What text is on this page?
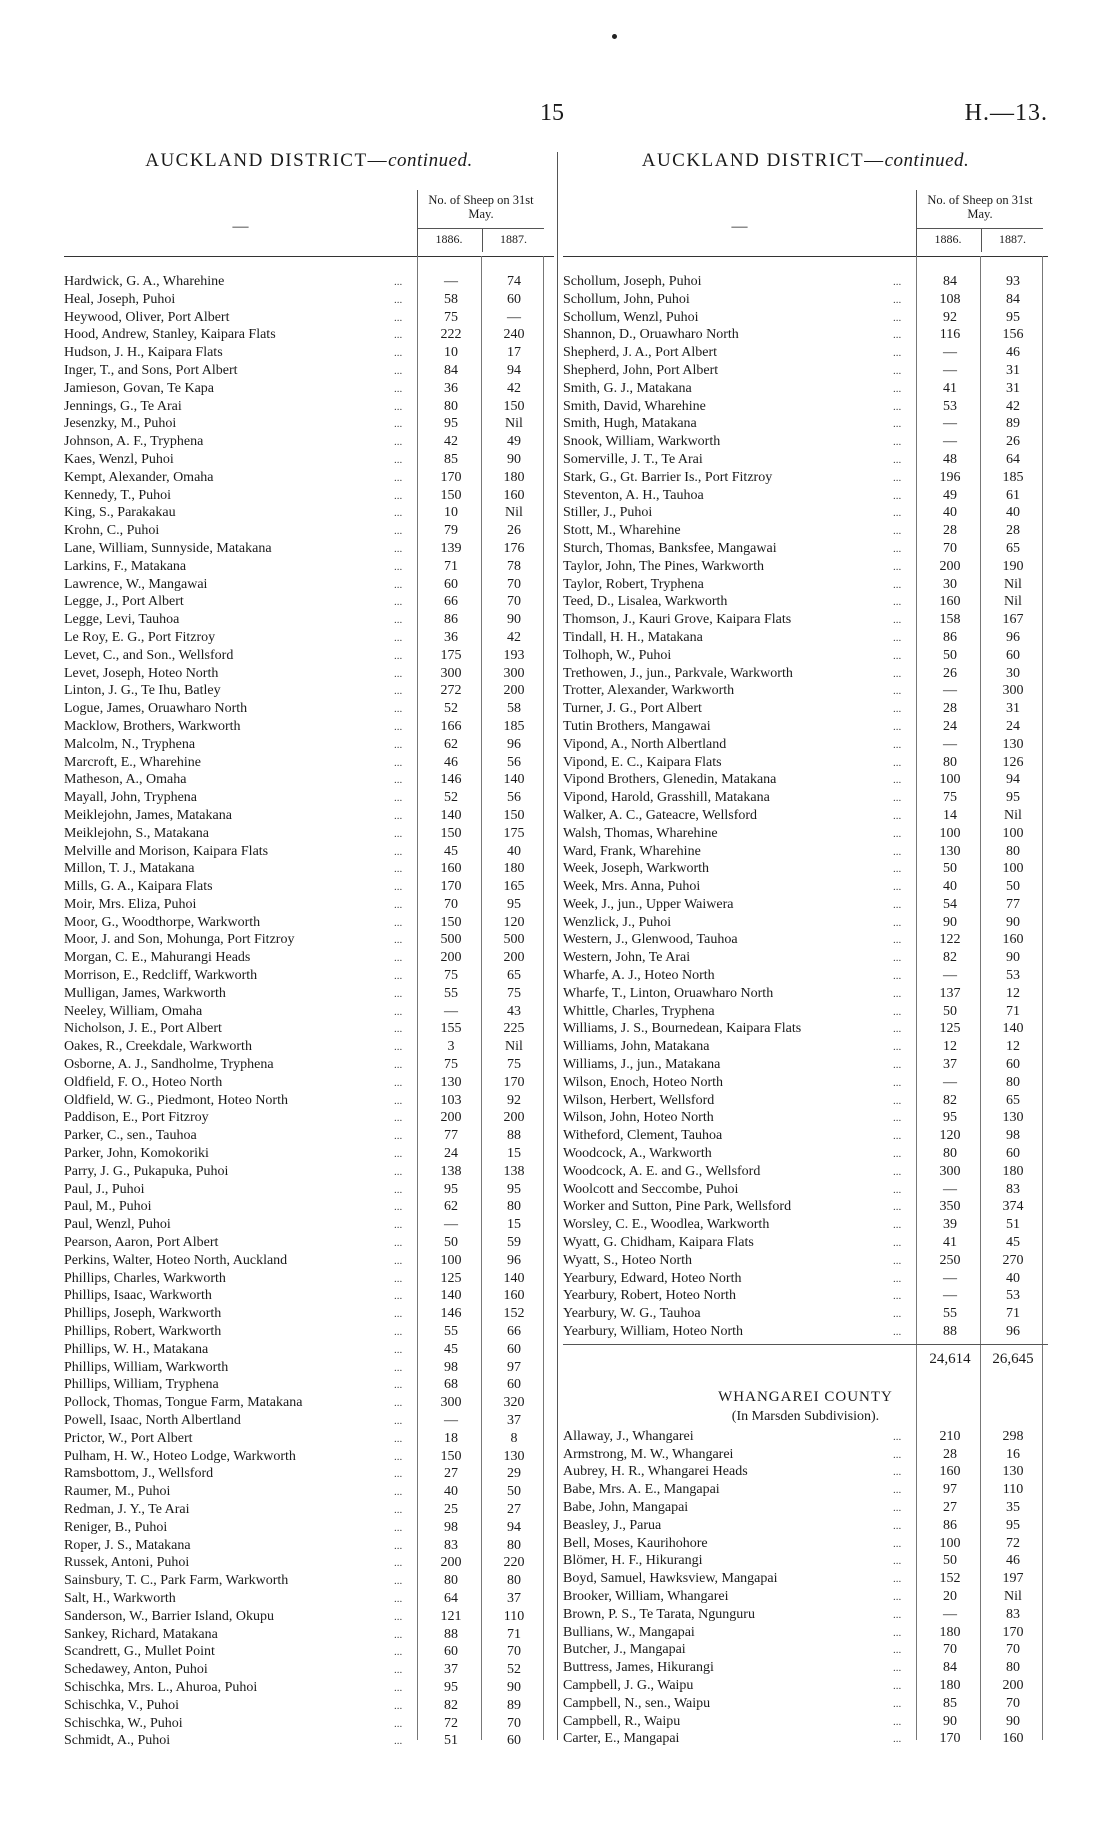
15	H.—13.
AUCKLAND DISTRICT—continued.
—
No. of Sheep on 31st May.
1886.	1887.
Hardwick, G. A., Wharehine	...	—	74
Heal, Joseph, Puhoi	...	58	60
Heywood, Oliver, Port Albert	...	75	—
Hood, Andrew, Stanley, Kaipara Flats	...	222	240
Hudson, J. H., Kaipara Flats	...	10	17
Inger, T., and Sons, Port Albert	...	84	94
Jamieson, Govan, Te Kapa	...	36	42
Jennings, G., Te Arai	...	80	150
Jesenzky, M., Puhoi	...	95	Nil
Johnson, A. F., Tryphena	...	42	49
Kaes, Wenzl, Puhoi	...	85	90
Kempt, Alexander, Omaha	...	170	180
Kennedy, T., Puhoi	...	150	160
King, S., Parakakau	...	10	Nil
Krohn, C., Puhoi	...	79	26
Lane, William, Sunnyside, Matakana	...	139	176
Larkins, F., Matakana	...	71	78
Lawrence, W., Mangawai	...	60	70
Legge, J., Port Albert	...	66	70
Legge, Levi, Tauhoa	...	86	90
Le Roy, E. G., Port Fitzroy	...	36	42
Levet, C., and Son., Wellsford	...	175	193
Levet, Joseph, Hoteo North	...	300	300
Linton, J. G., Te Ihu, Batley	...	272	200
Logue, James, Oruawharo North	...	52	58
Macklow, Brothers, Warkworth	...	166	185
Malcolm, N., Tryphena	...	62	96
Marcroft, E., Wharehine	...	46	56
Matheson, A., Omaha	...	146	140
Mayall, John, Tryphena	...	52	56
Meiklejohn, James, Matakana	...	140	150
Meiklejohn, S., Matakana	...	150	175
Melville and Morison, Kaipara Flats	...	45	40
Millon, T. J., Matakana	...	160	180
Mills, G. A., Kaipara Flats	...	170	165
Moir, Mrs. Eliza, Puhoi	...	70	95
Moor, G., Woodthorpe, Warkworth	...	150	120
Moor, J. and Son, Mohunga, Port Fitzroy	...	500	500
Morgan, C. E., Mahurangi Heads	...	200	200
Morrison, E., Redcliff, Warkworth	...	75	65
Mulligan, James, Warkworth	...	55	75
Neeley, William, Omaha	...	—	43
Nicholson, J. E., Port Albert	...	155	225
Oakes, R., Creekdale, Warkworth	...	3	Nil
Osborne, A. J., Sandholme, Tryphena	...	75	75
Oldfield, F. O., Hoteo North	...	130	170
Oldfield, W. G., Piedmont, Hoteo North	...	103	92
Paddison, E., Port Fitzroy	...	200	200
Parker, C., sen., Tauhoa	...	77	88
Parker, John, Komokoriki	...	24	15
Parry, J. G., Pukapuka, Puhoi	...	138	138
Paul, J., Puhoi	...	95	95
Paul, M., Puhoi	...	62	80
Paul, Wenzl, Puhoi	...	—	15
Pearson, Aaron, Port Albert	...	50	59
Perkins, Walter, Hoteo North, Auckland	...	100	96
Phillips, Charles, Warkworth	...	125	140
Phillips, Isaac, Warkworth	...	140	160
Phillips, Joseph, Warkworth	...	146	152
Phillips, Robert, Warkworth	...	55	66
Phillips, W. H., Matakana	...	45	60
Phillips, William, Warkworth	...	98	97
Phillips, William, Tryphena	...	68	60
Pollock, Thomas, Tongue Farm, Matakana	...	300	320
Powell, Isaac, North Albertland	...	—	37
Prictor, W., Port Albert	...	18	8
Pulham, H. W., Hoteo Lodge, Warkworth	...	150	130
Ramsbottom, J., Wellsford	...	27	29
Raumer, M., Puhoi	...	40	50
Redman, J. Y., Te Arai	...	25	27
Reniger, B., Puhoi	...	98	94
Roper, J. S., Matakana	...	83	80
Russek, Antoni, Puhoi	...	200	220
Sainsbury, T. C., Park Farm, Warkworth	...	80	80
Salt, H., Warkworth	...	64	37
Sanderson, W., Barrier Island, Okupu	...	121	110
Sankey, Richard, Matakana	...	88	71
Scandrett, G., Mullet Point	...	60	70
Schedawey, Anton, Puhoi	...	37	52
Schischka, Mrs. L., Ahuroa, Puhoi	...	95	90
Schischka, V., Puhoi	...	82	89
Schischka, W., Puhoi	...	72	70
Schmidt, A., Puhoi	...	51	60
AUCKLAND DISTRICT—continued.
—
No. of Sheep on 31st May.
1886.	1887.
Schollum, Joseph, Puhoi	...	84	93
Schollum, John, Puhoi	...	108	84
Schollum, Wenzl, Puhoi	...	92	95
Shannon, D., Oruawharo North	...	116	156
Shepherd, J. A., Port Albert	...	—	46
Shepherd, John, Port Albert	...	—	31
Smith, G. J., Matakana	...	41	31
Smith, David, Wharehine	...	53	42
Smith, Hugh, Matakana	...	—	89
Snook, William, Warkworth	...	—	26
Somerville, J. T., Te Arai	...	48	64
Stark, G., Gt. Barrier Is., Port Fitzroy	...	196	185
Steventon, A. H., Tauhoa	...	49	61
Stiller, J., Puhoi	...	40	40
Stott, M., Wharehine	...	28	28
Sturch, Thomas, Banksfee, Mangawai	...	70	65
Taylor, John, The Pines, Warkworth	...	200	190
Taylor, Robert, Tryphena	...	30	Nil
Teed, D., Lisalea, Warkworth	...	160	Nil
Thomson, J., Kauri Grove, Kaipara Flats	...	158	167
Tindall, H. H., Matakana	...	86	96
Tolhoph, W., Puhoi	...	50	60
Trethowen, J., jun., Parkvale, Warkworth	...	26	30
Trotter, Alexander, Warkworth	...	—	300
Turner, J. G., Port Albert	...	28	31
Tutin Brothers, Mangawai	...	24	24
Vipond, A., North Albertland	...	—	130
Vipond, E. C., Kaipara Flats	...	80	126
Vipond Brothers, Glenedin, Matakana	...	100	94
Vipond, Harold, Grasshill, Matakana	...	75	95
Walker, A. C., Gateacre, Wellsford	...	14	Nil
Walsh, Thomas, Wharehine	...	100	100
Ward, Frank, Wharehine	...	130	80
Week, Joseph, Warkworth	...	50	100
Week, Mrs. Anna, Puhoi	...	40	50
Week, J., jun., Upper Waiwera	...	54	77
Wenzlick, J., Puhoi	...	90	90
Western, J., Glenwood, Tauhoa	...	122	160
Western, John, Te Arai	...	82	90
Wharfe, A. J., Hoteo North	...	—	53
Wharfe, T., Linton, Oruawharo North	...	137	12
Whittle, Charles, Tryphena	...	50	71
Williams, J. S., Bournedean, Kaipara Flats	...	125	140
Williams, John, Matakana	...	12	12
Williams, J., jun., Matakana	...	37	60
Wilson, Enoch, Hoteo North	...	—	80
Wilson, Herbert, Wellsford	...	82	65
Wilson, John, Hoteo North	...	95	130
Witheford, Clement, Tauhoa	...	120	98
Woodcock, A., Warkworth	...	80	60
Woodcock, A. E. and G., Wellsford	...	300	180
Woolcott and Seccombe, Puhoi	...	—	83
Worker and Sutton, Pine Park, Wellsford	...	350	374
Worsley, C. E., Woodlea, Warkworth	...	39	51
Wyatt, G. Chidham, Kaipara Flats	...	41	45
Wyatt, S., Hoteo North	...	250	270
Yearbury, Edward, Hoteo North	...	—	40
Yearbury, Robert, Hoteo North	...	—	53
Yearbury, W. G., Tauhoa	...	55	71
Yearbury, William, Hoteo North	...	88	96
24,614	26,645
WHANGAREI COUNTY
(In Marsden Subdivision).
Allaway, J., Whangarei	...	210	298
Armstrong, M. W., Whangarei	...	28	16
Aubrey, H. R., Whangarei Heads	...	160	130
Babe, Mrs. A. E., Mangapai	...	97	110
Babe, John, Mangapai	...	27	35
Beasley, J., Parua	...	86	95
Bell, Moses, Kaurihohore	...	100	72
Blömer, H. F., Hikurangi	...	50	46
Boyd, Samuel, Hawksview, Mangapai	...	152	197
Brooker, William, Whangarei	...	20	Nil
Brown, P. S., Te Tarata, Ngunguru	...	—	83
Bullians, W., Mangapai	...	180	170
Butcher, J., Mangapai	...	70	70
Buttress, James, Hikurangi	...	84	80
Campbell, J. G., Waipu	...	180	200
Campbell, N., sen., Waipu	...	85	70
Campbell, R., Waipu	...	90	90
Carter, E., Mangapai	...	170	160
